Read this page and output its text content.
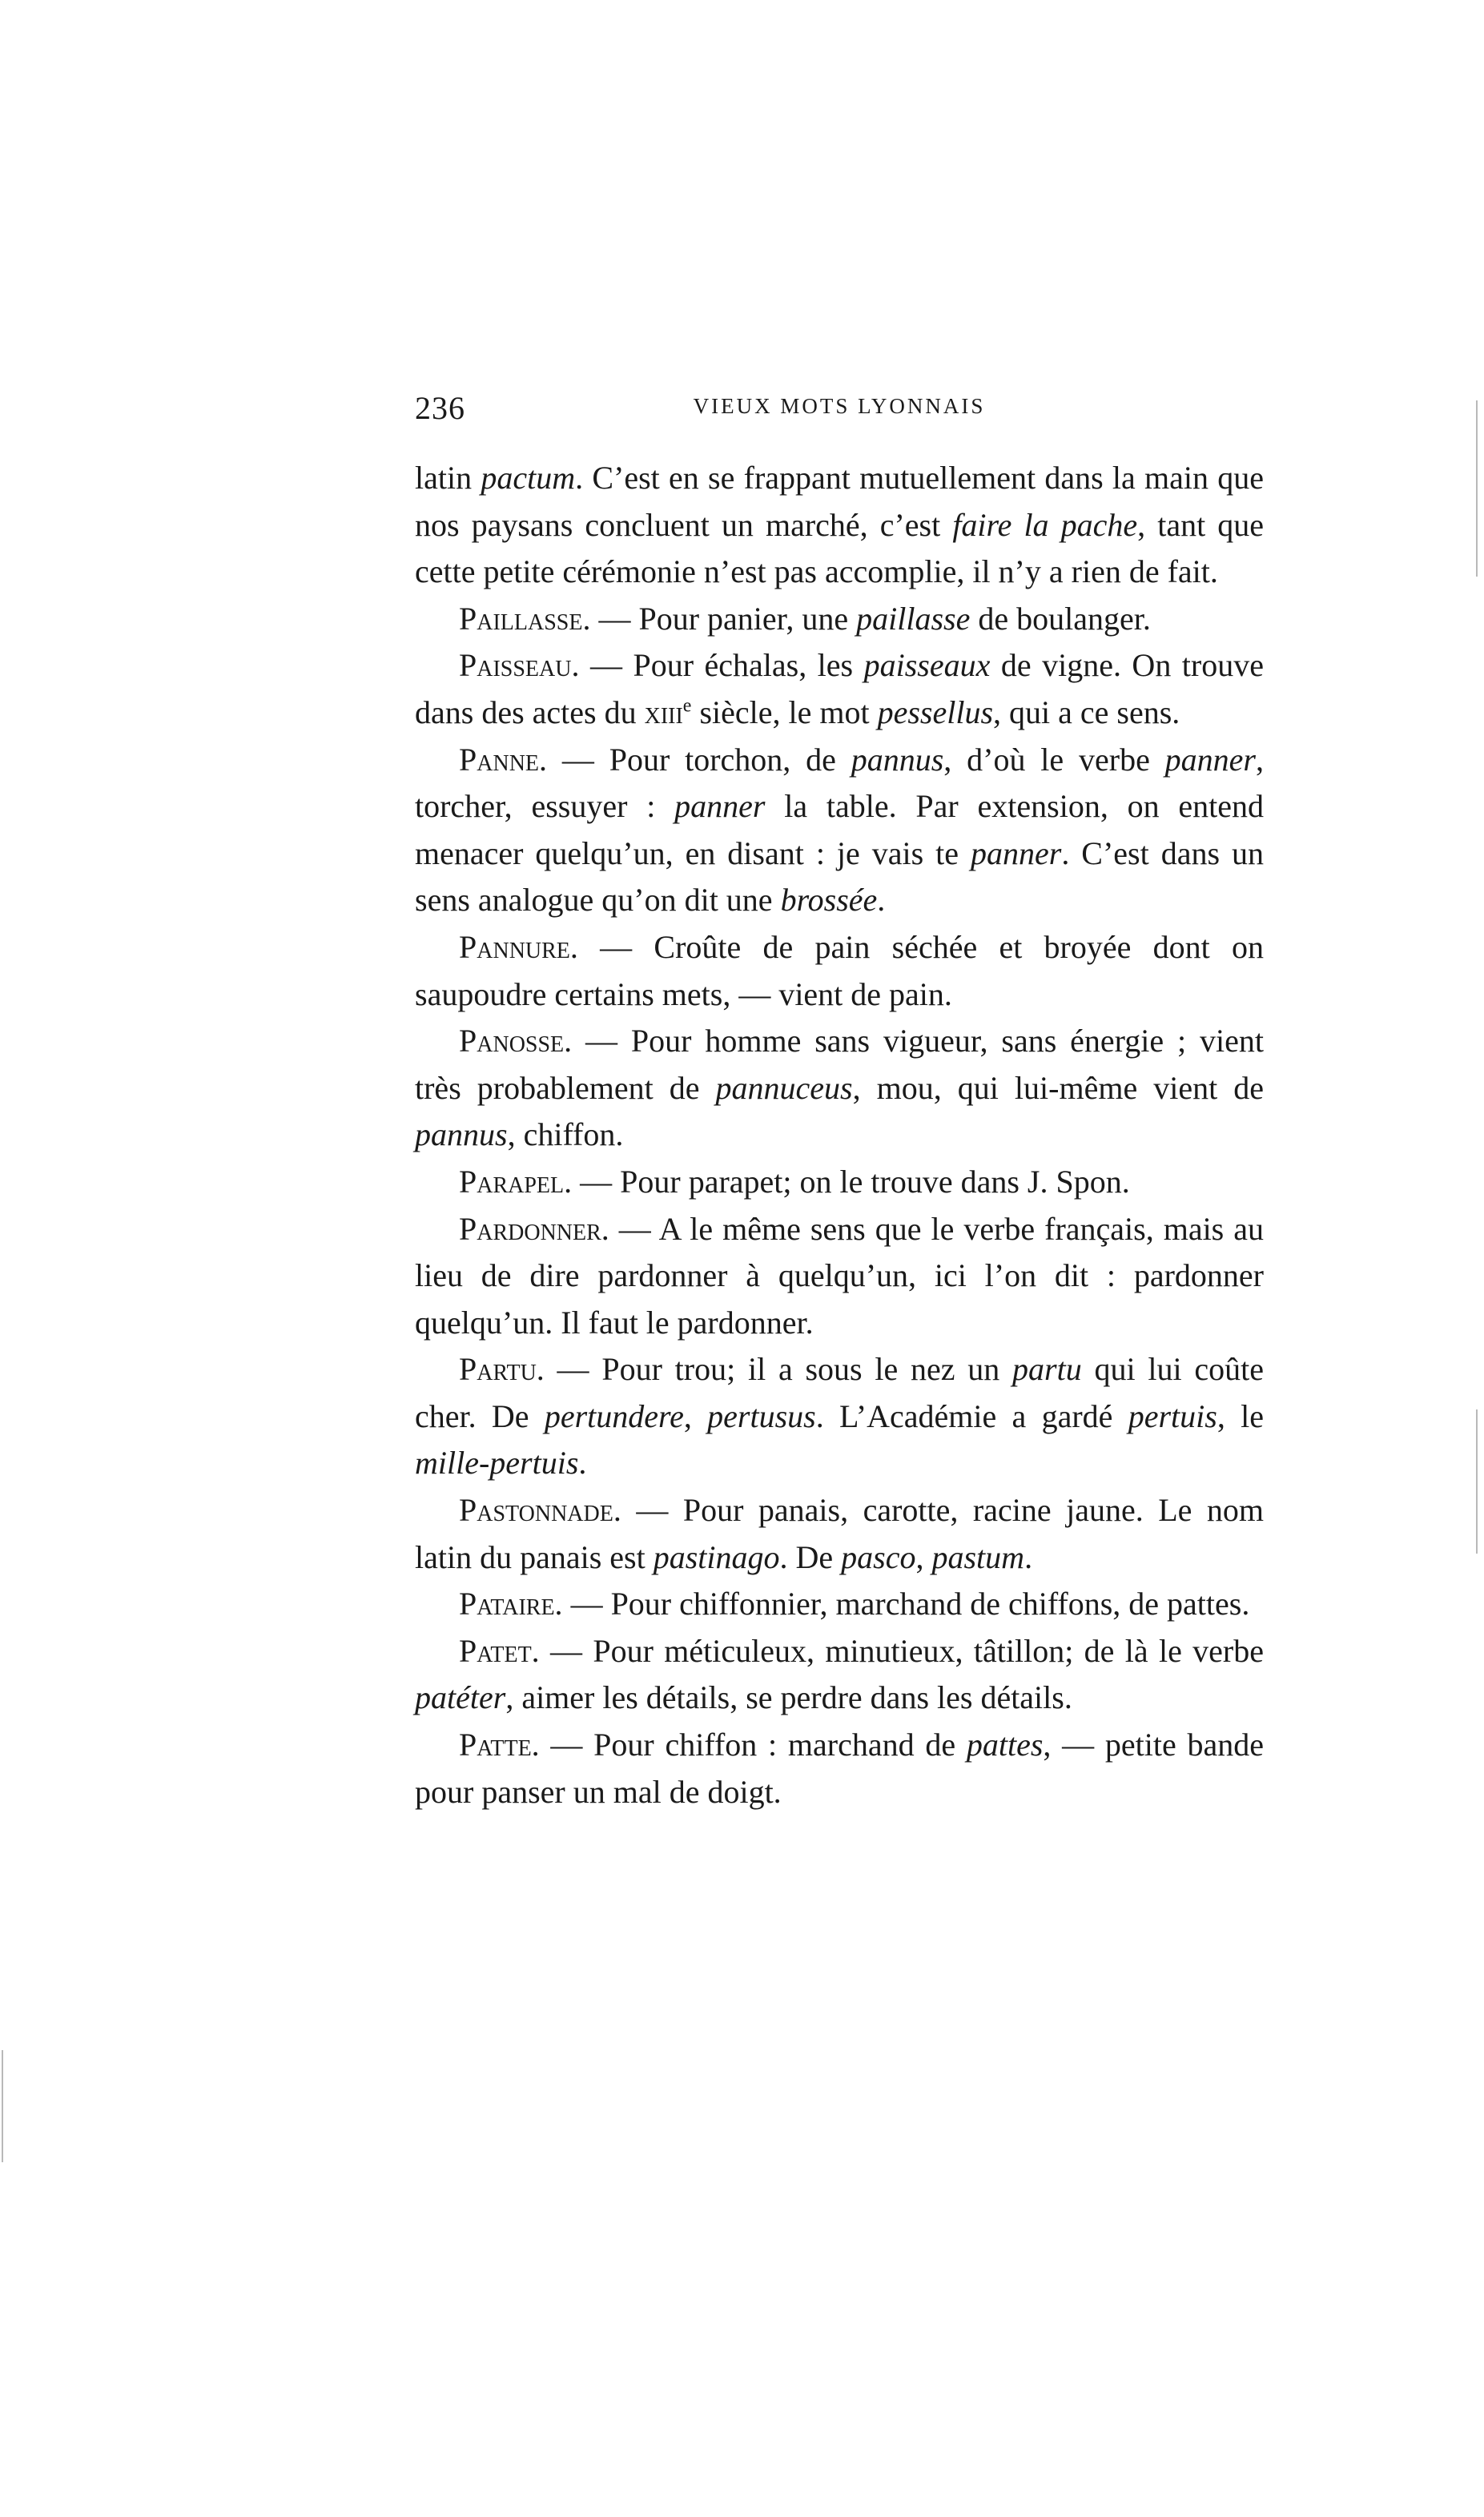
236	VIEUX MOTS LYONNAIS

latin pactum. C’est en se frappant mutuellement dans la main que nos paysans concluent un marché, c’est faire la pache, tant que cette petite cérémonie n’est pas accomplie, il n’y a rien de fait.

Paillasse. — Pour panier, une paillasse de boulanger.

Paisseau. — Pour échalas, les paisseaux de vigne. On trouve dans des actes du xiii$^e$ siècle, le mot pessellus, qui a ce sens.

Panne. — Pour torchon, de pannus, d’où le verbe panner, torcher, essuyer : panner la table. Par extension, on entend menacer quelqu’un, en disant : je vais te panner. C’est dans un sens analogue qu’on dit une brossée.

Pannure. — Croûte de pain séchée et broyée dont on saupoudre certains mets, — vient de pain.

Panosse. — Pour homme sans vigueur, sans énergie ; vient très probablement de pannuceus, mou, qui lui-même vient de pannus, chiffon.

Parapel. — Pour parapet; on le trouve dans J. Spon.

Pardonner. — A le même sens que le verbe français, mais au lieu de dire pardonner à quelqu’un, ici l’on dit : pardonner quelqu’un. Il faut le pardonner.

Partu. — Pour trou; il a sous le nez un partu qui lui coûte cher. De pertundere, pertusus. L’Académie a gardé pertuis, le mille-pertuis.

Pastonnade. — Pour panais, carotte, racine jaune. Le nom latin du panais est pastinago. De pasco, pastum.

Pataire. — Pour chiffonnier, marchand de chiffons, de pattes.

Patet. — Pour méticuleux, minutieux, tâtillon; de là le verbe patéter, aimer les détails, se perdre dans les détails.

Patte. — Pour chiffon : marchand de pattes, — petite bande pour panser un mal de doigt.
